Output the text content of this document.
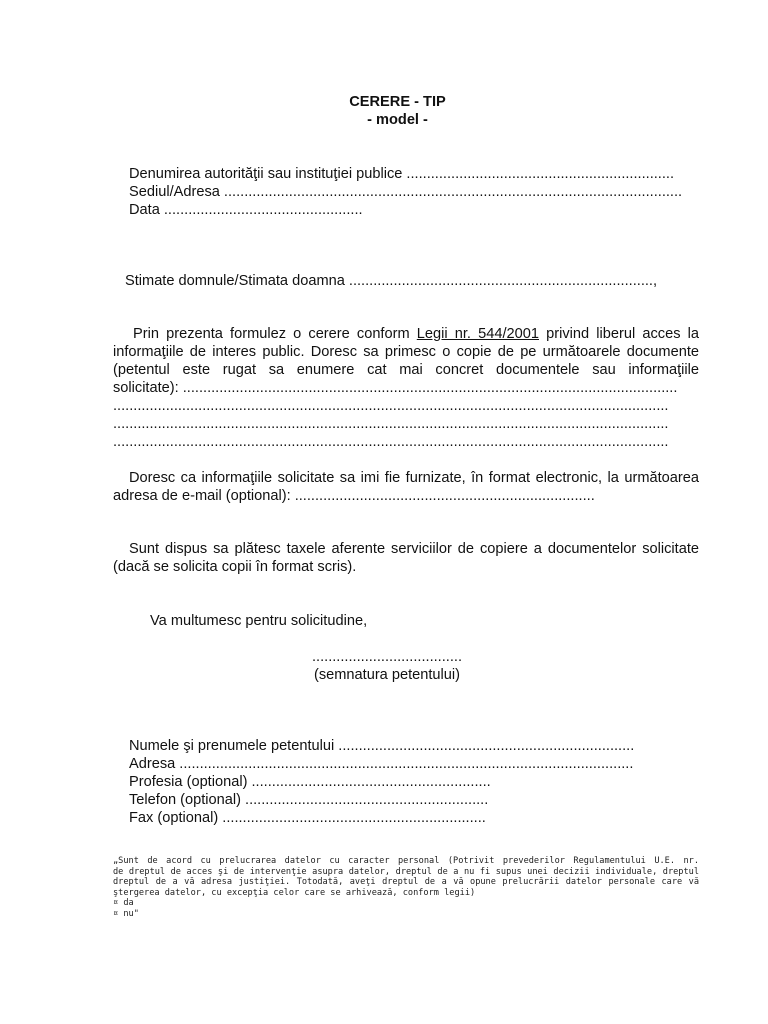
CERERE - TIP
- model -
Denumirea autorităţii sau instituţiei publice ..................................................................
Sediul/Adresa .................................................................................................................
Data .................................................
Stimate domnule/Stimata doamna ...........................................................................,
Prin prezenta formulez o cerere conform Legii nr. 544/2001 privind liberul acces la
informaţiile de interes public. Doresc sa primesc o copie de pe următoarele documente
(petentul este rugat sa enumere cat mai concret documentele sau informaţiile
solicitate): ..........................................................................................................................
.........................................................................................................................................
.........................................................................................................................................
.........................................................................................................................................
Doresc ca informaţiile solicitate sa imi fie furnizate, în format electronic, la următoarea
adresa de e-mail (optional): ..........................................................................
Sunt dispus sa plătesc taxele aferente serviciilor de copiere a documentelor solicitate
(dacă se solicita copii în format scris).
Va multumesc pentru solicitudine,
.....................................
(semnatura petentului)
Numele şi prenumele petentului .........................................................................
Adresa ................................................................................................................
Profesia (optional) ...........................................................
Telefon (optional) ............................................................
Fax (optional) .................................................................
„Sunt de acord cu prelucrarea datelor cu caracter personal (Potrivit prevederilor Regulamentului U.E. nr.
de dreptul de acces şi de intervenţie asupra datelor, dreptul de a nu fi supus unei decizii individuale, dreptul
dreptul de a vă adresa justiţiei. Totodată, aveţi dreptul de a vă opune prelucrării datelor personale care vă
ştergerea datelor, cu excepţia celor care se arhivează, conform legii)
¤ da
¤ nu"
